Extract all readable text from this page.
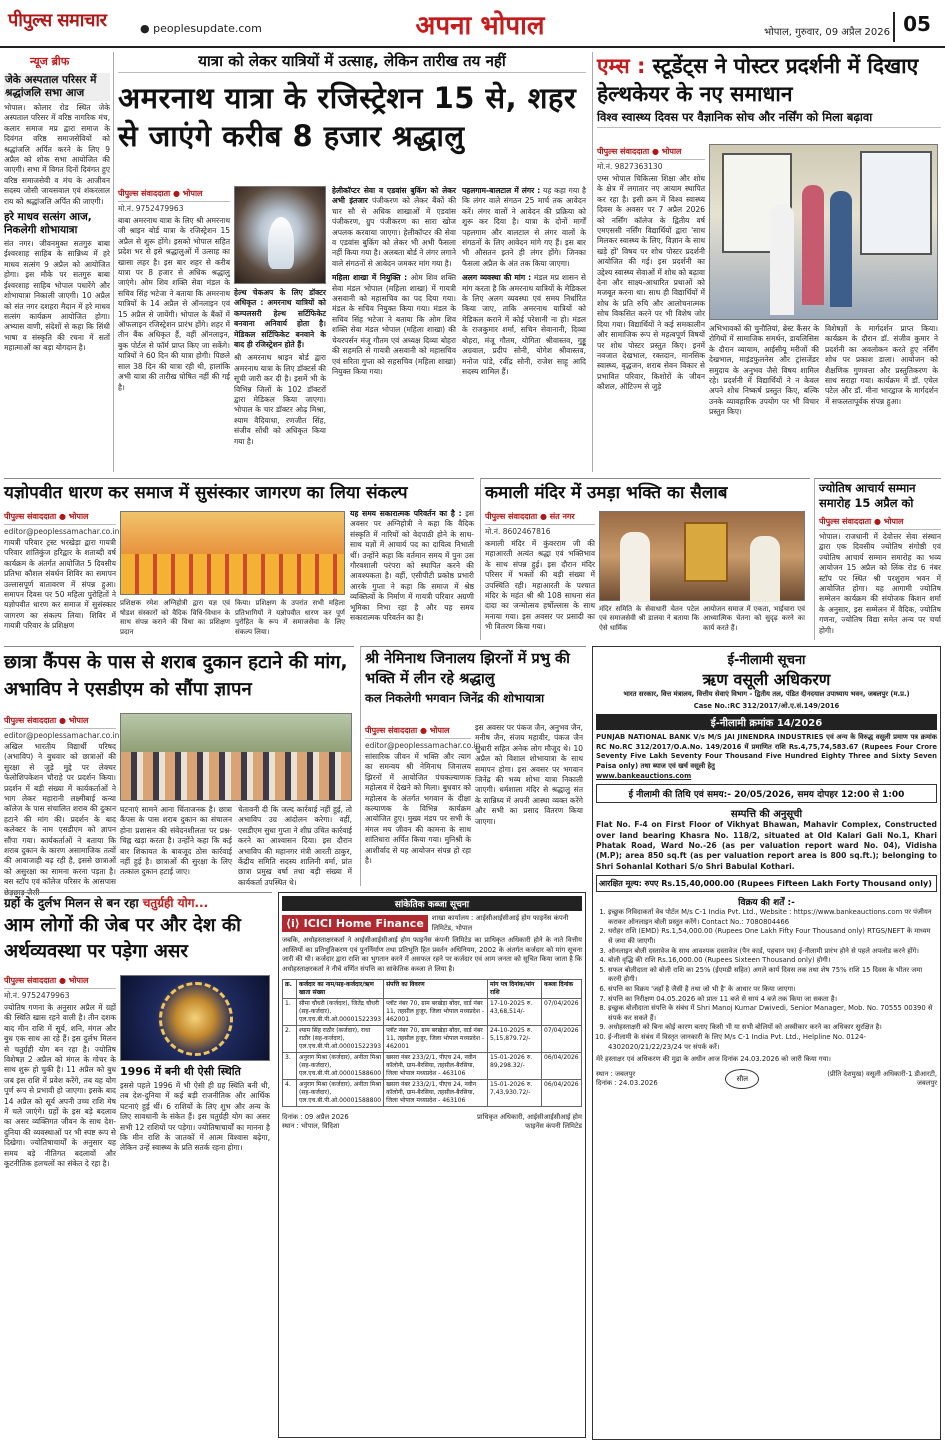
पीपुल्स समाचार	● peoplesupdate.com	अपना भोपाल	भोपाल, गुरुवार, 09 अप्रैल 2026 05
न्यूज ब्रीफ
जेके अस्पताल परिसर में श्रद्धांजलि सभा आज
भोपाल। कोलार रोड स्थित जेके अस्पताल परिसर में वरिष्ठ नागरिक मंच, कलार समाज मप्र द्वारा समाज के दिवंगत वरिष्ठ समाजसेवियों को श्रद्धांजलि अर्पित करने के लिए 9 अप्रैल को शोक सभा आयोजित की जाएगी। सभा में विगत दिनों दिवंगत हुए वरिष्ठ समाजसेवी व मंच के आजीवन सदस्य जोसी जायसवाल एवं शंकरलाल राय को श्रद्धांजलि अर्पित की जाएगी।
हरे माधव सत्संग आज, निकलेगी शोभायात्रा
संत नगर। जीवनमुक्त सतगुरु बाबा ईश्वरशाह साहिब के सान्निध्य में हरे माधव सत्संग 9 अप्रैल को आयोजित होगा। इस मौके पर सतगुरु बाबा ईश्वरशाह साहिब भोपाल पधारेंगे और शोभायात्रा निकाली जाएगी। 10 अप्रैल को संत नगर दशहरा मैदान में हरे माधव सत्संग कार्यक्रम आयोजित होगा। अभ्यास वाणी, संदेशों से कहा कि सिंधी भाषा व संस्कृति की रचना में सतों महात्माओं का बड़ा योगदान है।
यात्रा को लेकर यात्रियों में उत्साह, लेकिन तारीख तय नहीं
अमरनाथ यात्रा के रजिस्ट्रेशन 15 से, शहर से जाएंगे करीब 8 हजार श्रद्धालु
पीपुल्स संवाददाता ● भोपाल
मो.नं. 9752479963
बाबा अमरनाथ यात्रा के लिए श्री अमरनाथ जी श्राइन बोर्ड यात्रा के रजिस्ट्रेशन 15 अप्रैल से शुरू होंगे। इसको भोपाल सहित प्रदेश भर से इसे श्रद्धालुओं में उत्साह का खासा लहर है। इस बार शहर से करीब यात्रा पर 8 हजार से अधिक श्रद्धालु जाएंगे। ओम शिव शक्ति सेवा मंडल के सचिव सिंह भटेजा ने बताया कि अमरनाथ यात्रियों के 14 अप्रैल से ऑनलाइन एवं 15 अप्रैल से जायेंगी। भोपाल के बैंकों में ऑफलाइन रजिस्ट्रेशन प्रारंभ होंगे। शहर में तीन बैंक अधिकृत हैं, वहीं ऑनलाइन, बुक पोर्टल से फॉर्म प्राप्त किए जा सकेंगे। यात्रियों ने 60 दिन की यात्रा होगी। पिछले साल 38 दिन की यात्रा रही थी, हालांकि अभी यात्रा की तारीख घोषित नहीं की गई है।
हेल्थ चेकअप के लिए डॉक्टर अधिकृत : अमरनाथ यात्रियों को कम्पलसरी हेल्थ सर्टिफिकेट बनवाना अनिवार्य होता है। मेडिकल सर्टिफिकेट बनवाने के बाद ही रजिस्ट्रेशन होते हैं।
श्री अमरनाथ श्राइन बोर्ड द्वारा अमरनाथ यात्रा के लिए डॉक्टर्स की सूची जारी कर दी है। इसमें भी के विभिन्न जिलों के 102 डॉक्टरों द्वारा मेडिकल किया जाएगा। भोपाल के चार डॉक्टर ओढ़ मिश्रा, श्याम वैदियाधा, रणजीत सिंह, संजीव सोंधी को अधिकृत किया गया है।
हेलीकॉप्टर सेवा व एडवांस बुकिंग को लेकर अभी इंतजार पंजीकरण को लेकर बैंकों की चार सौ से अधिक शाखाओं में एडवांस पंजीकरण, ग्रुप पंजीकरण का सारा खोज अपलक करवाया जाएगा। हेलीकॉप्टर की सेवा व एडवांस बुकिंग को लेकर भी अभी फैसला नहीं किया गया है। अलबता बोर्ड ने लंगर लगाने वाले संगठनों से आवेदन जमकर मांग गया है।
महिला शाखा में नियुक्ति : ओम शिव शक्ति सेवा मंडल भोपाल (महिला शाखा) में गायत्री असवानी को महासचिव का पद दिया गया। मंडल के सचिव नियुक्त किया गया। मंडल के सचिव सिंह भटेजा ने बताया कि ओम शिव शक्ति सेवा मंडल भोपाल (महिला शाखा) की चेयरपर्सन मंजू गौतम एवं अध्यक्ष दिव्या बोहरा की सहमति से गायत्री असवानी को महासचिव एवं सरिता गुप्ता को सहसचिव (महिला शाखा) नियुक्त किया गया।
पहलगाम-बालटाल में लंगर : यह कहा गया है कि लंगर वाले संगठन 25 मार्च तक आवेदन करें। लंगर वालों ने आवेदन की प्रक्रिया को शुरू कर दिया है। यात्रा के दोनों मार्गों पहलगाम और बालटाल से लंगर वालों के संगठनों के लिए आवेदन मांगे गए हैं। इस बार भी औसतन इतने ही लंगर होंगे। जिनका फैसला अप्रैल के अंत तक किया जाएगा।
अलग व्यवस्था की मांग : मंडल मप्र शासन से मांग करता है कि अमरनाथ यात्रियों के मेडिकल के लिए अलग व्यवस्था एवं समय निर्धारित किया जाए, ताकि अमरनाथ यात्रियों को मेडिकल कराने में कोई परेशानी ना हो। मंडल के राजकुमार शर्मा, सचिन सेवानानी, दिव्या बोहरा, मंजू गौतम, योगिता श्रीवास्तव, गुड्डू अग्रवाल, प्रदीप सोनी, योगेश श्रीवास्तव, मनोज पांडे, रवींद्र सोनी, राजेश साहू आदि सदस्य शामिल हैं।
एम्स : स्टूडेंट्स ने पोस्टर प्रदर्शनी में दिखाए हेल्थकेयर के नए समाधान
विश्व स्वास्थ्य दिवस पर वैज्ञानिक सोच और नर्सिंग को मिला बढ़ावा
पीपुल्स संवाददाता ● भोपाल
मो.नं. 9827363130
एम्स भोपाल चिकित्सा शिक्षा और शोध के क्षेत्र में लगातार नए आयाम स्थापित कर रहा है। इसी क्रम में विश्व स्वास्थ्य दिवस के अवसर पर 7 अप्रैल 2026 को नर्सिंग कॉलेज के द्वितीय वर्ष एमएससी नर्सिंग विद्यार्थियों द्वारा 'साथ मिलकर स्वास्थ्य के लिए, विज्ञान के साथ खड़े हों' विषय पर शोध पोस्टर प्रदर्शनी आयोजित की गई। इस प्रदर्शनी का उद्देश्य स्वास्थ्य सेवाओं में शोध को बढ़ावा देना और साक्ष्य-आधारित प्रथाओं को मजबूत करना था। साथ ही विद्यार्थियों में शोध के प्रति रुचि और आलोचनात्मक सोच विकसित करने पर भी विशेष जोर दिया गया। विद्यार्थियों ने कई समकालीन और सामाजिक रूप से महत्वपूर्ण विषयों पर शोध पोस्टर प्रस्तुत किए। इनमें नवजात देखभाल, रक्तदान, मानसिक स्वास्थ्य, वृद्धजन, शराब सेवन विकार से प्रभावित परिवार, किशोरों के जीवन कौशल, ऑटिज्म से जुड़े
अभिभावकों की चुनौतियां, ब्रेस्ट कैंसर के रोगियों में सामाजिक समर्थन, डायलिसिस के दौरान व्यायाम, आईसीयू मरीजों की देखभाल, माइंडफुलनेस और ट्रांसजेंडर समुदाय के अनुभव जैसे विषय शामिल रहे। प्रदर्शनी में विद्यार्थियों ने न केवल अपने शोध निष्कर्ष प्रस्तुत किए, बल्कि उनके व्यावहारिक उपयोग पर भी विचार प्रस्तुत किए।
विशेषज्ञों के मार्गदर्शन प्राप्त किया। कार्यक्रम के दौरान डॉ. संजीव कुमार ने प्रदर्शनी का अवलोकन करते हुए नर्सिंग शोध पर प्रकाश डाला। आयोजन को शैक्षणिक गुणवत्ता और प्रस्तुतिकरण के साथ सराहा गया। कार्यक्रम में डॉ. एचेल पटेल और डॉ. मीना भारद्वाज के मार्गदर्शन में सफलतापूर्वक संपन्न हुआ।
यज्ञोपवीत धारण कर समाज में सुसंस्कार जागरण का लिया संकल्प
पीपुल्स संवाददाता ● भोपाल
editor@peoplessamachar.co.in
गायत्री परिवार ट्रस्ट भरखेड़ा द्वारा गायत्री परिवार शांतिकुंज हरिद्वार के शताब्दी वर्ष कार्यक्रम के अंतर्गत आयोजित 5 दिवसीय प्रतिभा कौशल संवर्धन शिविर का समापन उल्लासपूर्ण वातावरण में संपन्न हुआ। समापन दिवस पर 50 महिला पुरोहितों ने यज्ञोपवीत धारण कर समाज में सुसंस्कार जागरण का संकल्प लिया। शिविर में गायत्री परिवार के प्रशिक्षण
प्रशिक्षक रमेश अग्निहोत्री द्वारा यज्ञ एवं षोडश संस्कारों को वैदिक विधि-विधान के साथ संपन्न कराने की विधा का प्रशिक्षण प्रदान
किया। प्रशिक्षण के उपरांत सभी महिला प्रतिभागियों ने यज्ञोपवीत धारण कर पूर्ण पुरोहित के रूप में समाजसेवा के लिए संकल्प लिया।
यह समय सकारात्मक परिवर्तन का है : इस अवसर पर अग्निहोत्री ने कहा कि वैदिक संस्कृति में नारियों को वेदपाठी होने के साथ-साथ यज्ञों में आचार्य पद का दायित्व निभाती थीं। उन्होंने कहा कि वर्तमान समय में पुनः उस गौरवशाली परंपरा को स्थापित करने की आवश्यकता है। वहीं, एसीपीटी प्रकोष्ठ प्रभारी आरके गुप्ता ने कहा कि समाज में श्रेष्ठ व्यक्तित्वों के निर्माण में गायत्री परिवार अग्रणी भूमिका निभा रहा है और यह समय सकारात्मक परिवर्तन का है।
कमाली मंदिर में उमड़ा भक्ति का सैलाब
पीपुल्स संवाददाता ● संत नगर
मो.नं. 8602467816
कमाली मंदिर में कुंवरराम जी की महाआरती अत्यंत श्रद्धा एवं भक्तिभाव के साथ संपन्न हुई। इस दौरान मंदिर परिसर में भक्तों की बड़ी संख्या में उपस्थिति रही। महाआरती के पश्चात मंदिर के महंत श्री श्री 108 साधना संत दादा का जन्मोत्सव हर्षोल्लास के साथ मनाया गया। इस अवसर पर प्रसादी का भी वितरण किया गया।
मंदिर समिति के सेवाधारी चेतन पटेल एवं समाजसेवी श्री डालवा ने बताया कि ऐसे धार्मिक
आयोजन समाज में एकता, भाईचारा एवं आध्यात्मिक चेतना को सुदृढ़ करने का कार्य करते हैं।
ज्योतिष आचार्य सम्मान समारोह 15 अप्रैल को
पीपुल्स संवाददाता ● भोपाल
भोपाल। राजधानी में देवोत्तर सेवा संस्थान द्वारा एक दिवसीय ज्योतिष संगोष्ठी एवं ज्योतिष आचार्य सम्मान समारोह का भव्य आयोजन 15 अप्रैल को लिंक रोड 6 नंबर स्टॉप पर स्थित श्री परशुराम भवन में आयोजित होगा। यह आगामी ज्योतिष सम्मेलन कार्यक्रम की संयोजक किशन शर्मा के अनुसार, इस सम्मेलन में वैदिक, ज्योतिष गणना, ज्योतिष विद्या समेत अन्य पर चर्चा होगी।
छात्रा कैंपस के पास से शराब दुकान हटाने की मांग, अभाविप ने एसडीएम को सौंपा ज्ञापन
पीपुल्स संवाददाता ● भोपाल
editor@peoplessamachar.co.in
अखिल भारतीय विद्यार्थी परिषद (अभाविप) ने बुधवार को छात्राओं की सुरक्षा से जुड़े मुद्दे पर लेक्चर फेलोशिपकेशन चौराहे पर प्रदर्शन किया। प्रदर्शन में बड़ी संख्या में कार्यकर्ताओं ने भाग लेकर महारानी लक्ष्मीबाई कन्या कॉलेज के पास संचालित शराब की दुकान हटाने की मांग की। प्रदर्शन के बाद कलेक्टर के नाम एसडीएम को ज्ञापन सौंपा गया। कार्यकर्ताओं ने बताया कि शराब दुकान के कारण असामाजिक तत्वों की आवाजाही बढ़ रही है, इससे छात्राओं को असुरक्षा का सामना करना पड़ता है। बस स्टॉप एवं कॉलेज परिसर के आसपास छेड़छाड़ जैसी
घटनाएं सामने आना चिंताजनक है। छात्रा कैंपस के पास शराब दुकान का संचालन होना प्रशासन की संवेदनशीलता पर प्रश्न-चिह्न खड़ा करता है। उन्होंने कहा कि कई बार शिकायत के बावजूद ठोस कार्रवाई नहीं हुई है। छात्राओं की सुरक्षा के लिए तत्काल दुकान हटाई जाए।
चेतावनी दी कि जल्द कार्रवाई नहीं हुई, तो अभाविप उग्र आंदोलन करेगा। वहीं, एसडीएम सुधा गुप्ता ने शीघ्र उचित कार्रवाई करने का आश्वासन दिया। इस दौरान अभाविप की महानगर मंत्री आरती ठाकुर, केंद्रीय समिति सदस्य शालिनी वर्मा, प्रांत छात्रा प्रमुख वर्षा तथा बड़ी संख्या में कार्यकर्ता उपस्थित थे।
श्री नेमिनाथ जिनालय झिरनों में प्रभु की भक्ति में लीन रहे श्रद्धालु
कल निकलेगी भगवान जिनेंद्र की शोभायात्रा
पीपुल्स संवाददाता ● भोपाल
editor@peoplessamachar.co.in
सांसारिक जीवन में भक्ति और त्याग का समन्वय श्री नेमिनाथ जिनालय झिरनों में आयोजित पंचकल्याणक महोत्सव में देखने को मिला। बुधवार को महोत्सव के अंतर्गत भगवान के दीक्षा कल्याणक के विभिन्न कार्यक्रम आयोजित हुए। मुख्य मंडप पर सभी के मंगल मय जीवन की कामना के साथ शांतिधारा अर्पित किया गया। मुनिश्री के आशीर्वाद से यह आयोजन संपन्न हो रहा है।
इस अवसर पर पंकज जैन, अनुभव जैन, मनीष जैन, संजय महावीर, पंकज जैन सुधारी सहित अनेक लोग मौजूद थे। 10 अप्रैल को विशाल शोभायात्रा के साथ समापन होगा। इस अवसर पर भगवान जिनेंद्र की भव्य शोभा यात्रा निकाली जाएगी। धर्मशाला मंदिर से श्रद्धालु संत के सान्निध्य में अपनी आस्था व्यक्त करेंगे और सभी का प्रसाद वितरण किया जाएगा।
ग्रहों के दुर्लभ मिलन से बन रहा चतुर्ग्रही योग...
आम लोगों की जेब पर और देश की अर्थव्यवस्था पर पड़ेगा असर
पीपुल्स संवाददाता ● भोपाल
मो.नं. 9752479963
ज्योतिष गणना के अनुसार अप्रैल में ग्रहों की स्थिति खास रहने वाली है। तीन दशक बाद मीन राशि में सूर्य, शनि, मंगल और बुध एक साथ आ रहे हैं। इस दुर्लभ मिलन से चतुर्ग्रही योग बन रहा है। ज्योतिष विशेषज्ञ 2 अप्रैल को मंगल के गोचर के साथ शुरू हो चुकी है। 11 अप्रैल को बुध जब इस राशि में प्रवेश करेंगे, तब यह योग पूर्ण रूप से प्रभावी हो जाएगा। इसके बाद 14 अप्रैल को सूर्य अपनी उच्च राशि मेष में चले जाएंगे। ग्रहों के इस बड़े बदलाव का असर व्यक्तिगत जीवन के साथ देश-दुनिया की व्यवस्थाओं पर भी स्पष्ट रूप से दिखेगा। ज्योतिषाचार्यों के अनुसार यह समय बड़े नीतिगत बदलावों और कूटनीतिक हलचलों का संकेत दे रहा है।
1996 में बनी थी ऐसी स्थिति
इससे पहले 1996 में भी ऐसी ही ग्रह स्थिति बनी थी, तब देश-दुनिया में कई बड़ी राजनीतिक और आर्थिक घटनाएं हुई थीं। 6 राशियों के लिए शुभ और अन्य के लिए सावधानी के संकेत हैं। इस चतुर्ग्रही योग का असर सभी 12 राशियों पर पड़ेगा। ज्योतिषाचार्यों का मानना है कि मीन राशि के जातकों में आत्म विश्वास बढ़ेगा, लेकिन उन्हें स्वास्थ्य के प्रति सतर्क रहना होगा।
सांकेतिक कब्जा सूचना
⟨i⟩ ICICI Home Finance	शाखा कार्यालय : आईसीआईसीआई होम फाइनेंस कंपनी लिमिटेड, भोपाल
जबकि, अधोहस्ताक्षरकर्ता ने आईसीआईसीआई होम फाइनेंस कंपनी लिमिटेड का प्राधिकृत अधिकारी होने के नाते वित्तीय आस्तियों का प्रतिभूतिकरण एवं पुनर्निर्माण तथा प्रतिभूति हित प्रवर्तन अधिनियम, 2002 के अंतर्गत कर्जदार को मांग सूचना जारी की थी। कर्जदार द्वारा राशि का भुगतान करने में असफल रहने पर कर्जदार एवं आम जनता को सूचित किया जाता है कि अधोहस्ताक्षरकर्ता ने नीचे वर्णित संपत्ति का सांकेतिक कब्जा ले लिया है।
क्र.	कर्जदार का नाम/सह-कर्जदार/ऋण खाता संख्या	संपत्ति का विवरण	मांग पत्र दिनांक/मांग राशि	कब्जा दिनांक
1.	सीमा चौधरी (कर्जदार), जितेंद्र चौधरी (सह-कर्जदार), एल.एच.बी.पी.ओ.00001522393	प्लॉट नंबर 70, ग्राम बरखेड़ा बोंदर, वार्ड नंबर 11, तहसील हुजूर, जिला भोपाल मध्यप्रदेश - 462001	17-10-2025 रु. 43,68,514/-	07/04/2026
2.	श्याम सिंह राठौर (कर्जदार), राधा राठौर (सह-कर्जदार), एल.एच.बी.पी.ओ.00001522393	प्लॉट नंबर 70, ग्राम बरखेड़ा बोंदर, वार्ड नंबर 11, तहसील हुजूर, जिला भोपाल मध्यप्रदेश - 462001	24-10-2025 रु. 5,15,879.72/-	07/04/2026
3.	अनुराग मिश्रा (कर्जदार), अनीता मिश्रा (सह-कर्जदार), एल.एच.बी.पी.ओ.00001588600	खसरा नंबर 233/2/1, पीएच 24, नवीन कॉलोनी, ग्राम-बैरसिया, तहसील-बैरसिया, जिला भोपाल मध्यप्रदेश - 463106	15-01-2026 रु. 89,298.32/-	06/04/2026
4.	अनुराग मिश्रा (कर्जदार), अनीता मिश्रा (सह-कर्जदार), एल.एच.बी.पी.ओ.00001588800	खसरा नंबर 233/2/1, पीएच 24, नवीन कॉलोनी, ग्राम-बैरसिया, तहसील-बैरसिया, जिला भोपाल मध्यप्रदेश - 463106	15-01-2026 रु. 7,43,930.72/-	06/04/2026
दिनांक : 09 अप्रैल 2026
स्थान : भोपाल, विदिशा
प्राधिकृत अधिकारी, आईसीआईसीआई होम फाइनेंस कंपनी लिमिटेड
ई-नीलामी सूचना
ऋण वसूली अधिकरण
भारत सरकार, वित्त मंत्रालय, वित्तीय सेवाएं विभाग - द्वितीय तल, पंडित दीनदयाल उपाध्याय भवन, जबलपुर (म.प्र.)
Case No.:RC 312/2017/ओ.ए.सं.149/2016
ई-नीलामी क्रमांक 14/2026
PUNJAB NATIONAL BANK V/s M/S JAI JINENDRA INDUSTRIES एवं अन्य के विरुद्ध वसूली प्रमाण पत्र क्रमांक RC No.RC 312/2017/O.A.No. 149/2016 में प्रमाणित राशि Rs.4,75,74,583.67 (Rupees Four Crore Seventy Five Lakh Seventy Four Thousand Five Hundred Eighty Three and Sixty Seven Paisa only) तथा ब्याज एवं खर्च वसूली हेतु
www.bankeauctions.com
ई नीलामी की तिथि एवं समय:- 20/05/2026, समय दोपहर 12:00 से 1:00
सम्पत्ति की अनुसूची
Flat No. F-4 on First Floor of Vikhyat Bhawan, Mahavir Complex, Constructed over land bearing Khasra No. 118/2, situated at Old Kalari Gali No.1, Khari Phatak Road, Ward No.-26 (as per valuation report ward No. 04), Vidisha (M.P); area 850 sq.ft (as per valuation report area is 800 sq.ft.); belonging to Shri Sohanlal Kothari S/o Shri Babulal Kothari.
आरक्षित मूल्य: रुपए Rs.15,40,000.00 (Rupees Fifteen Lakh Forty Thousand only)
विक्रय की शर्तें :-
1. इच्छुक निविदाकर्ता वेब पोर्टल M/s C-1 India Pvt. Ltd., Website : https://www.bankeauctions.com पर पंजीयन कराकर ऑनलाइन बोली प्रस्तुत करेंगे। Contact No.: 7080804466
2. धरोहर राशि (EMD) Rs.1,54,000.00 (Rupees One Lakh Fifty Four Thousand only) RTGS/NEFT के माध्यम से जमा की जाएगी।
3. ऑनलाइन बोली दस्तावेज के साथ आवश्यक दस्तावेज (पैन कार्ड, पहचान पत्र) ई-नीलामी प्रारंभ होने से पहले अपलोड करने होंगे।
4. बोली वृद्धि की राशि Rs.16,000.00 (Rupees Sixteen Thousand only) होगी।
5. सफल बोलीदाता को बोली राशि का 25% (ईएमडी सहित) अगले कार्य दिवस तक तथा शेष 75% राशि 15 दिवस के भीतर जमा करनी होगी।
6. संपत्ति का विक्रय 'जहाँ है जैसी है तथा जो भी है' के आधार पर किया जाएगा।
7. संपत्ति का निरीक्षण 04.05.2026 को प्रातः 11 बजे से सायं 4 बजे तक किया जा सकता है।
8. इच्छुक बोलीदाता संपत्ति के संबंध में Shri Manoj Kumar Dwivedi, Senior Manager, Mob. No. 70555 00390 से संपर्क कर सकते हैं।
9. अधोहस्ताक्षरी को बिना कोई कारण बताए किसी भी या सभी बोलियों को अस्वीकार करने का अधिकार सुरक्षित है।
10. ई-नीलामी के संबंध में विस्तृत जानकारी के लिए M/s C-1 India Pvt. Ltd., Helpline No. 0124-4302020/21/22/23/24 पर संपर्क करें।
मेरे हस्ताक्षर एवं अधिकरण की मुद्रा के अधीन आज दिनांक 24.03.2026 को जारी किया गया।
स्थान : जबलपुर
दिनांक : 24.03.2026
सील
(प्रीति देशमुख) वसूली अधिकारी-1 डीआरटी, जबलपुर
